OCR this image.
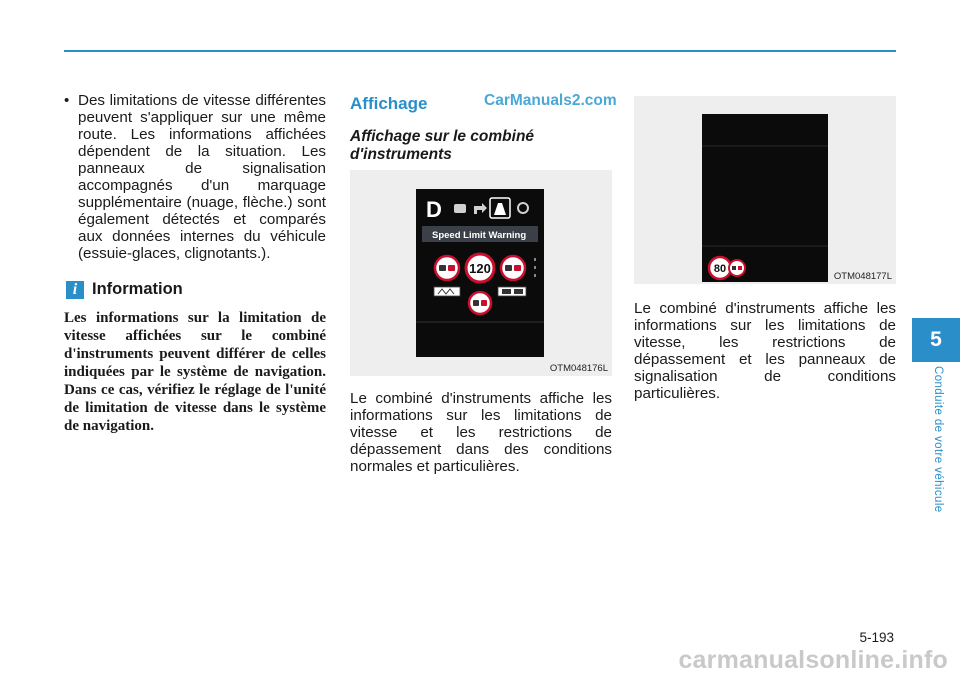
• Des limitations de vitesse différentes peuvent s'appliquer sur une même route. Les informations affichées dépendent de la situation. Les panneaux de signalisation accompagnés d'un marquage supplémentaire (nuage, flèche.) sont également détectés et comparés aux données internes du véhicule (essuie-glaces, clignotants.).

i Information

Les informations sur la limitation de vitesse affichées sur le combiné d'instruments peuvent différer de celles indiquées par le système de navigation. Dans ce cas, vérifiez le réglage de l'unité de limitation de vitesse dans le système de navigation.

CarManuals2.com
Affichage
Affichage sur le combiné d'instruments
D
Speed Limit Warning
120
OTM048176L

Le combiné d'instruments affiche les informations sur les limitations de vitesse et les restrictions de dépassement dans des conditions normales et particulières.

80
OTM048177L

Le combiné d'instruments affiche les informations sur les limitations de vitesse, les restrictions de dépassement et les panneaux de signalisation de conditions particulières.

5
Conduite de votre véhicule
5-193
carmanualsonline.info
